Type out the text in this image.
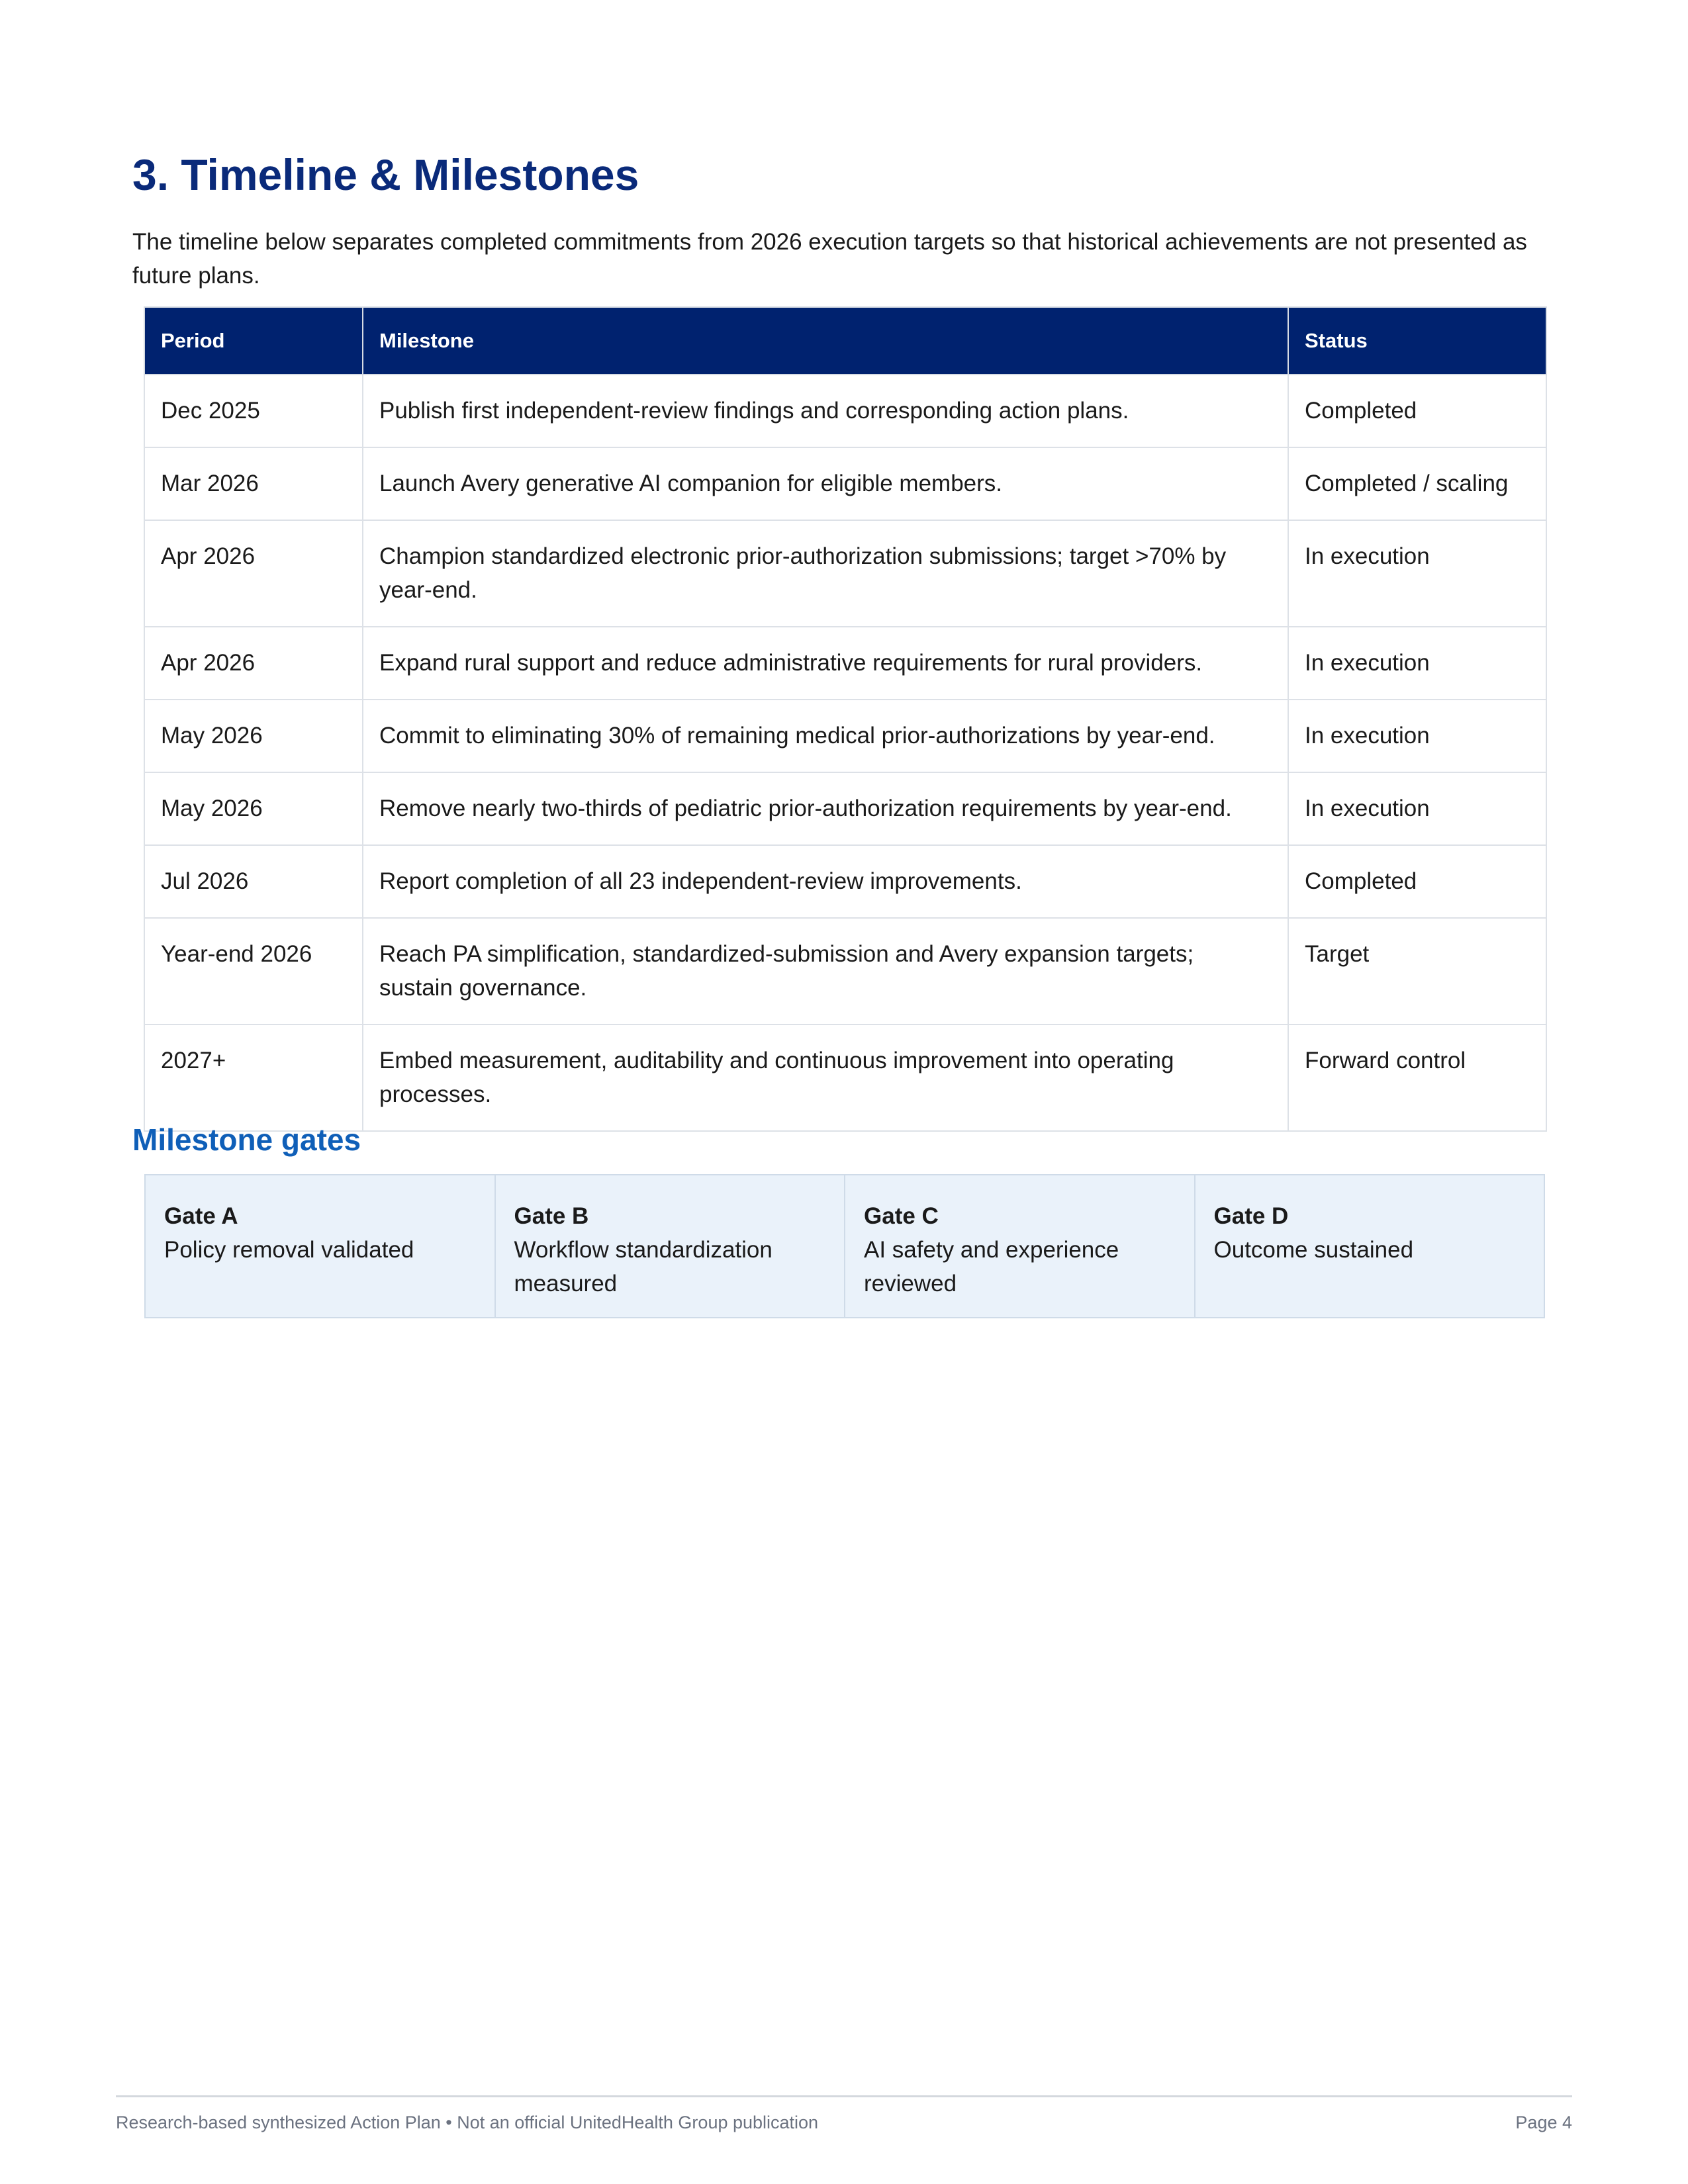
3. Timeline & Milestones

The timeline below separates completed commitments from 2026 execution targets so that historical achievements are not presented as future plans.

Period	Milestone	Status
Dec 2025	Publish first independent-review findings and corresponding action plans.	Completed
Mar 2026	Launch Avery generative AI companion for eligible members.	Completed / scaling
Apr 2026	Champion standardized electronic prior-authorization submissions; target >70% by year-end.	In execution
Apr 2026	Expand rural support and reduce administrative requirements for rural providers.	In execution
May 2026	Commit to eliminating 30% of remaining medical prior-authorizations by year-end.	In execution
May 2026	Remove nearly two-thirds of pediatric prior-authorization requirements by year-end.	In execution
Jul 2026	Report completion of all 23 independent-review improvements.	Completed
Year-end 2026	Reach PA simplification, standardized-submission and Avery expansion targets; sustain governance.	Target
2027+	Embed measurement, auditability and continuous improvement into operating processes.	Forward control
Milestone gates
Gate A
Policy removal validated
Gate B
Workflow standardization measured
Gate C
AI safety and experience reviewed
Gate D
Outcome sustained
Research-based synthesized Action Plan • Not an official UnitedHealth Group publication	Page 4
